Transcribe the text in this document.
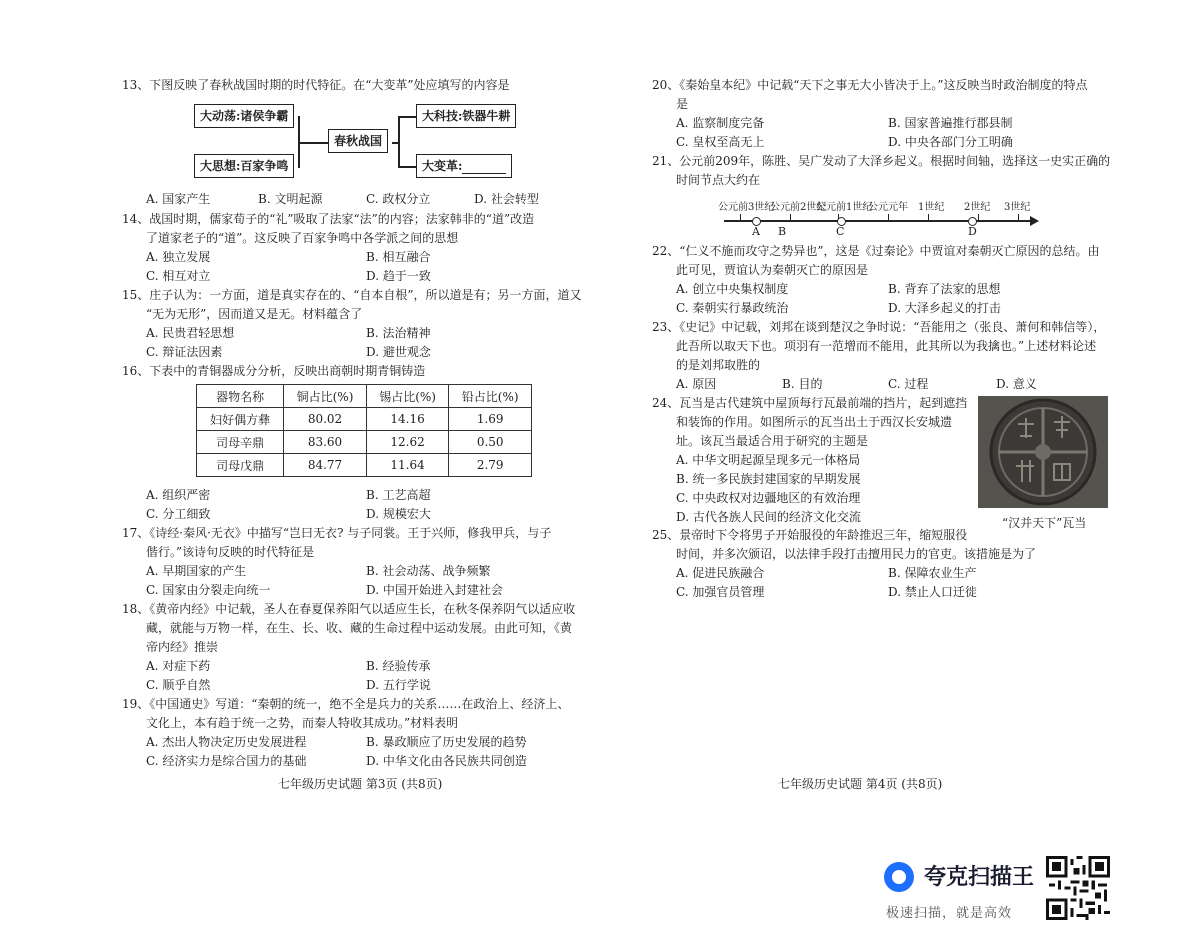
13、下图反映了春秋战国时期的时代特征。在“大变革”处应填写的内容是
大动荡:诸侯争霸
大思想:百家争鸣
春秋战国
大科技:铁器牛耕
大变革:
A. 国家产生	B. 文明起源	C. 政权分立	D. 社会转型
14、战国时期，儒家荀子的“礼”吸取了法家“法”的内容；法家韩非的“道”改造
了道家老子的“道”。这反映了百家争鸣中各学派之间的思想
A. 独立发展	B. 相互融合
C. 相互对立	D. 趋于一致
15、庄子认为：一方面，道是真实存在的、“自本自根”，所以道是有；另一方面，道又
“无为无形”，因而道又是无。材料蕴含了
A. 民贵君轻思想	B. 法治精神
C. 辩证法因素	D. 避世观念
16、下表中的青铜器成分分析，反映出商朝时期青铜铸造
器物名称	铜占比(%)	锡占比(%)	铅占比(%)
妇好偶方彝	80.02	14.16	1.69
司母辛鼎	83.60	12.62	0.50
司母戊鼎	84.77	11.64	2.79
A. 组织严密	B. 工艺高超
C. 分工细致	D. 规模宏大
17、《诗经·秦风·无衣》中描写“岂曰无衣? 与子同裳。王于兴师，修我甲兵，与子
偕行。”该诗句反映的时代特征是
A. 早期国家的产生	B. 社会动荡、战争频繁
C. 国家由分裂走向统一	D. 中国开始进入封建社会
18、《黄帝内经》中记载，圣人在春夏保养阳气以适应生长，在秋冬保养阴气以适应收
藏，就能与万物一样，在生、长、收、藏的生命过程中运动发展。由此可知，《黄
帝内经》推崇
A. 对症下药	B. 经验传承
C. 顺乎自然	D. 五行学说
19、《中国通史》写道：“秦朝的统一，绝不全是兵力的关系……在政治上、经济上、
文化上，本有趋于统一之势，而秦人特收其成功。”材料表明
A. 杰出人物决定历史发展进程	B. 暴政顺应了历史发展的趋势
C. 经济实力是综合国力的基础	D. 中华文化由各民族共同创造
七年级历史试题 第3页 (共8页)
20、《秦始皇本纪》中记载“天下之事无大小皆决于上。”这反映当时政治制度的特点
是
A. 监察制度完备	B. 国家普遍推行郡县制
C. 皇权至高无上	D. 中央各部门分工明确
21、公元前209年，陈胜、吴广发动了大泽乡起义。根据时间轴，选择这一史实正确的
时间节点大约在
公元前3世纪
公元前2世纪
公元前1世纪
公元元年 1世纪 2世纪 3世纪
A B	C	D
22、“仁义不施而攻守之势异也”，这是《过秦论》中贾谊对秦朝灭亡原因的总结。由
此可见，贾谊认为秦朝灭亡的原因是
A. 创立中央集权制度	B. 背弃了法家的思想
C. 秦朝实行暴政统治	D. 大泽乡起义的打击
23、《史记》中记载，刘邦在谈到楚汉之争时说：“吾能用之（张良、萧何和韩信等），
此吾所以取天下也。项羽有一范增而不能用，此其所以为我擒也。”上述材料论述
的是刘邦取胜的
A. 原因	B. 目的	C. 过程	D. 意义
24、瓦当是古代建筑中屋顶每行瓦最前端的挡片，起到遮挡
和装饰的作用。如图所示的瓦当出土于西汉长安城遗
址。该瓦当最适合用于研究的主题是
A. 中华文明起源呈现多元一体格局
B. 统一多民族封建国家的早期发展
C. 中央政权对边疆地区的有效治理
D. 古代各族人民间的经济文化交流	“汉并天下”瓦当
25、景帝时下令将男子开始服役的年龄推迟三年，缩短服役
时间，并多次颁诏，以法律手段打击擅用民力的官吏。该措施是为了
A. 促进民族融合	B. 保障农业生产
C. 加强官员管理	D. 禁止人口迁徙
七年级历史试题 第4页 (共8页)
夸克扫描王
极速扫描，就是高效
